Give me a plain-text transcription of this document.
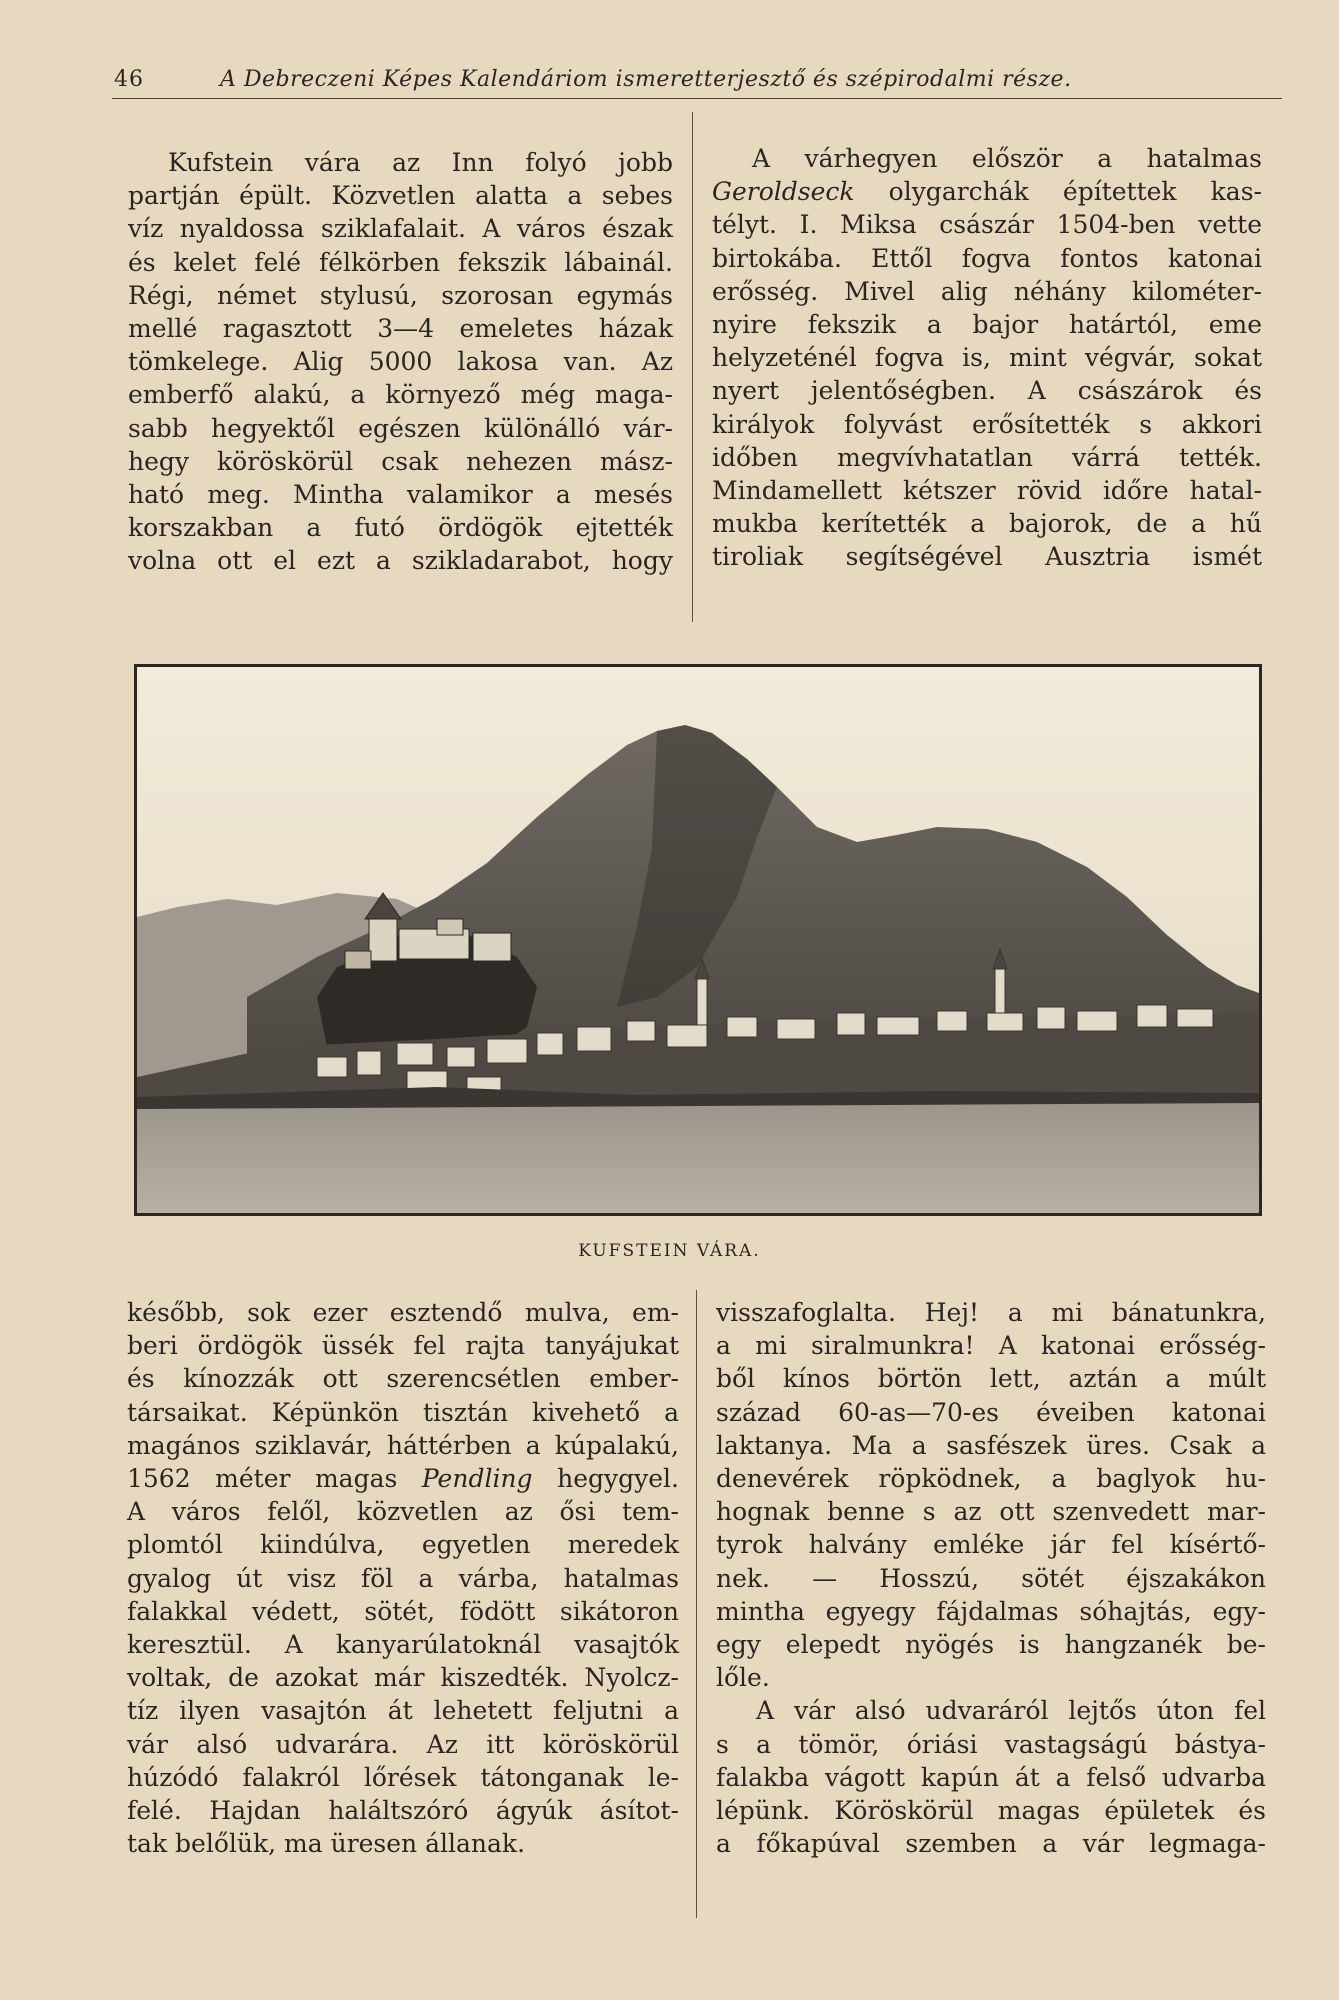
46	A Debreczeni Képes Kalendáriom ismeretterjesztő és szépirodalmi része.

Kufstein vára az Inn folyó jobb
partján épült. Közvetlen alatta a sebes
víz nyaldossa sziklafalait. A város észak
és kelet felé félkörben fekszik lábainál.
Régi, német stylusú, szorosan egymás
mellé ragasztott 3—4 emeletes házak
tömkelege. Alig 5000 lakosa van. Az
emberfő alakú, a környező még maga-
sabb hegyektől egészen különálló vár-
hegy köröskörül csak nehezen mász-
ható meg. Mintha valamikor a mesés
korszakban a futó ördögök ejtették
volna ott el ezt a szikladarabot, hogy

A várhegyen először a hatalmas
Geroldseck olygarchák építettek kas-
télyt. I. Miksa császár 1504-ben vette
birtokába. Ettől fogva fontos katonai
erősség. Mivel alig néhány kilométer-
nyire fekszik a bajor határtól, eme
helyzeténél fogva is, mint végvár, sokat
nyert jelentőségben. A császárok és
királyok folyvást erősítették s akkori
időben megvívhatatlan várrá tették.
Mindamellett kétszer rövid időre hatal-
mukba kerítették a bajorok, de a hű
tiroliak segítségével Ausztria ismét

KUFSTEIN VÁRA.

később, sok ezer esztendő mulva, em-
beri ördögök üssék fel rajta tanyájukat
és kínozzák ott szerencsétlen ember-
társaikat. Képünkön tisztán kivehető a
magános sziklavár, háttérben a kúpalakú,
1562 méter magas Pendling hegygyel.
A város felől, közvetlen az ősi tem-
plomtól kiindúlva, egyetlen meredek
gyalog út visz föl a várba, hatalmas
falakkal védett, sötét, födött sikátoron
keresztül. A kanyarúlatoknál vasajtók
voltak, de azokat már kiszedték. Nyolcz-
tíz ilyen vasajtón át lehetett feljutni a
vár alsó udvarára. Az itt köröskörül
húzódó falakról lőrések tátonganak le-
felé. Hajdan haláltszóró ágyúk ásítot-
tak belőlük, ma üresen állanak.

visszafoglalta. Hej! a mi bánatunkra,
a mi siralmunkra! A katonai erősség-
ből kínos börtön lett, aztán a múlt
század 60-as—70-es éveiben katonai
laktanya. Ma a sasfészek üres. Csak a
denevérek röpködnek, a baglyok hu-
hognak benne s az ott szenvedett mar-
tyrok halvány emléke jár fel kísértő-
nek. — Hosszú, sötét éjszakákon
mintha egyegy fájdalmas sóhajtás, egy-
egy elepedt nyögés is hangzanék be-
lőle.

A vár alsó udvaráról lejtős úton fel
s a tömör, óriási vastagságú bástya-
falakba vágott kapún át a felső udvarba
lépünk. Köröskörül magas épületek és
a főkapúval szemben a vár legmaga-
